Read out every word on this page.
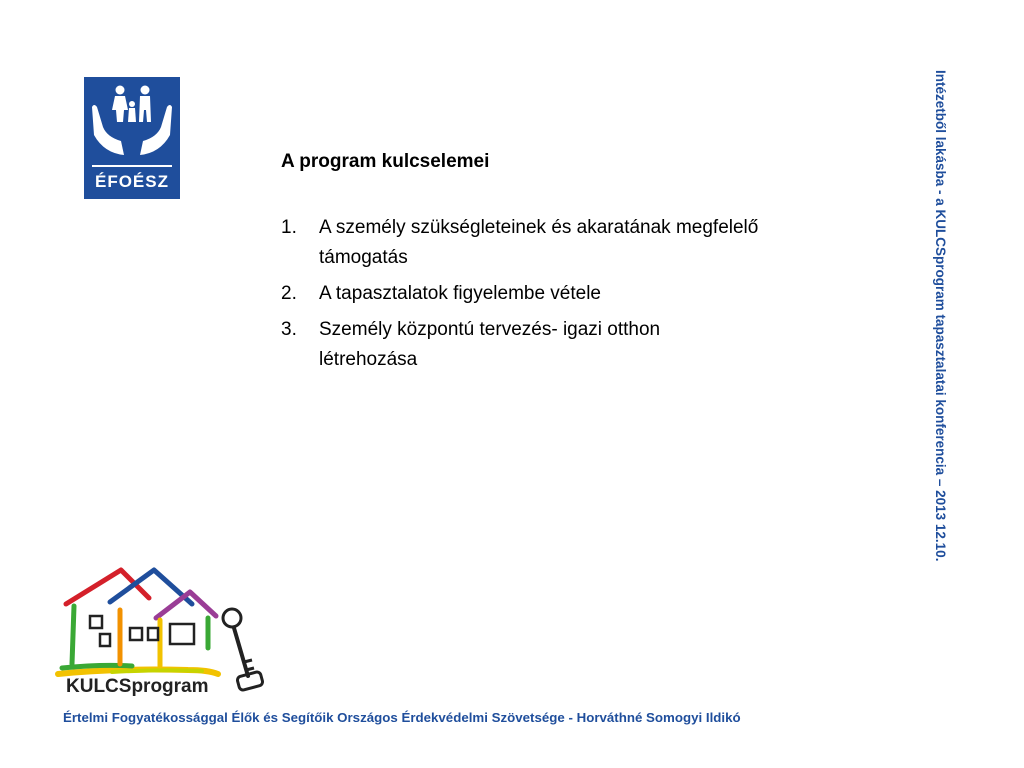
ÉFOÉSZ
A program kulcselemei
1.	A személy szükségleteinek és akaratának megfelelő támogatás
2.	A tapasztalatok figyelembe vétele
3.	Személy központú tervezés- igazi otthon létrehozása	Intézetből lakásba - a KULCSprogram tapasztalatai konferencia – 2013 12.10.
KULCSprogram
Értelmi Fogyatékossággal Élők és Segítőik Országos Érdekvédelmi Szövetsége - Horváthné Somogyi Ildikó
